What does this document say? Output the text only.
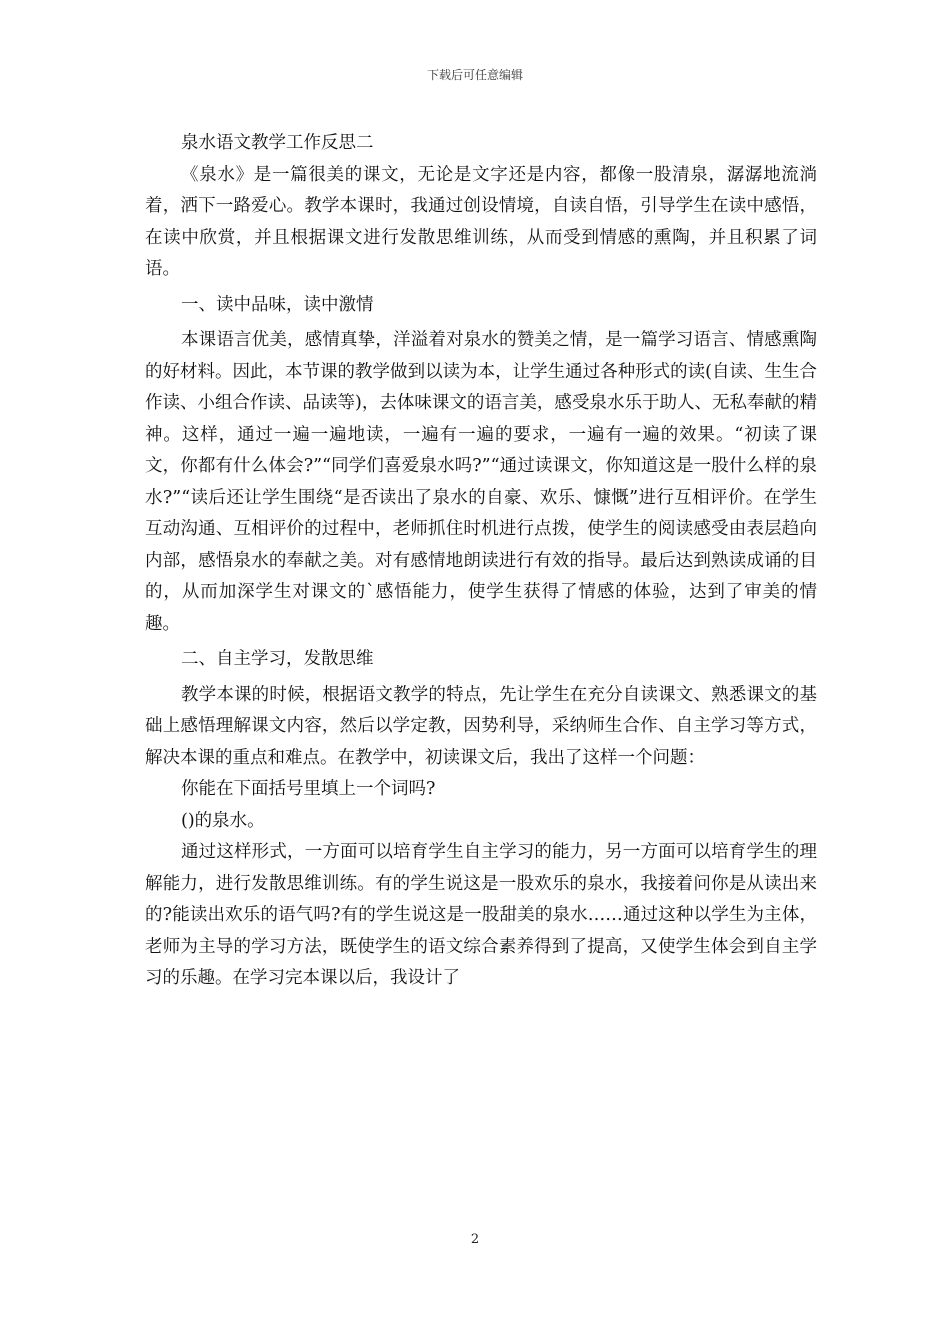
下载后可任意编辑

泉水语文教学工作反思二

《泉水》是一篇很美的课文，无论是文字还是内容，都像一股清泉，潺潺地流淌着，洒下一路爱心。教学本课时，我通过创设情境，自读自悟，引导学生在读中感悟，在读中欣赏，并且根据课文进行发散思维训练，从而受到情感的熏陶，并且积累了词语。

一、读中品味，读中激情

本课语言优美，感情真挚，洋溢着对泉水的赞美之情，是一篇学习语言、情感熏陶的好材料。因此，本节课的教学做到以读为本，让学生通过各种形式的读(自读、生生合作读、小组合作读、品读等)，去体味课文的语言美，感受泉水乐于助人、无私奉献的精神。这样，通过一遍一遍地读，一遍有一遍的要求，一遍有一遍的效果。“初读了课文，你都有什么体会?”“同学们喜爱泉水吗?”“通过读课文，你知道这是一股什么样的泉水?”“读后还让学生围绕“是否读出了泉水的自豪、欢乐、慷慨”进行互相评价。在学生互动沟通、互相评价的过程中，老师抓住时机进行点拨，使学生的阅读感受由表层趋向内部，感悟泉水的奉献之美。对有感情地朗读进行有效的指导。最后达到熟读成诵的目的，从而加深学生对课文的`感悟能力，使学生获得了情感的体验，达到了审美的情趣。

二、自主学习，发散思维

教学本课的时候，根据语文教学的特点，先让学生在充分自读课文、熟悉课文的基础上感悟理解课文内容，然后以学定教，因势利导，采纳师生合作、自主学习等方式，解决本课的重点和难点。在教学中，初读课文后，我出了这样一个问题：

你能在下面括号里填上一个词吗?

()的泉水。

通过这样形式，一方面可以培育学生自主学习的能力，另一方面可以培育学生的理解能力，进行发散思维训练。有的学生说这是一股欢乐的泉水，我接着问你是从读出来的?能读出欢乐的语气吗?有的学生说这是一股甜美的泉水……通过这种以学生为主体，老师为主导的学习方法，既使学生的语文综合素养得到了提高，又使学生体会到自主学习的乐趣。在学习完本课以后，我设计了

2
